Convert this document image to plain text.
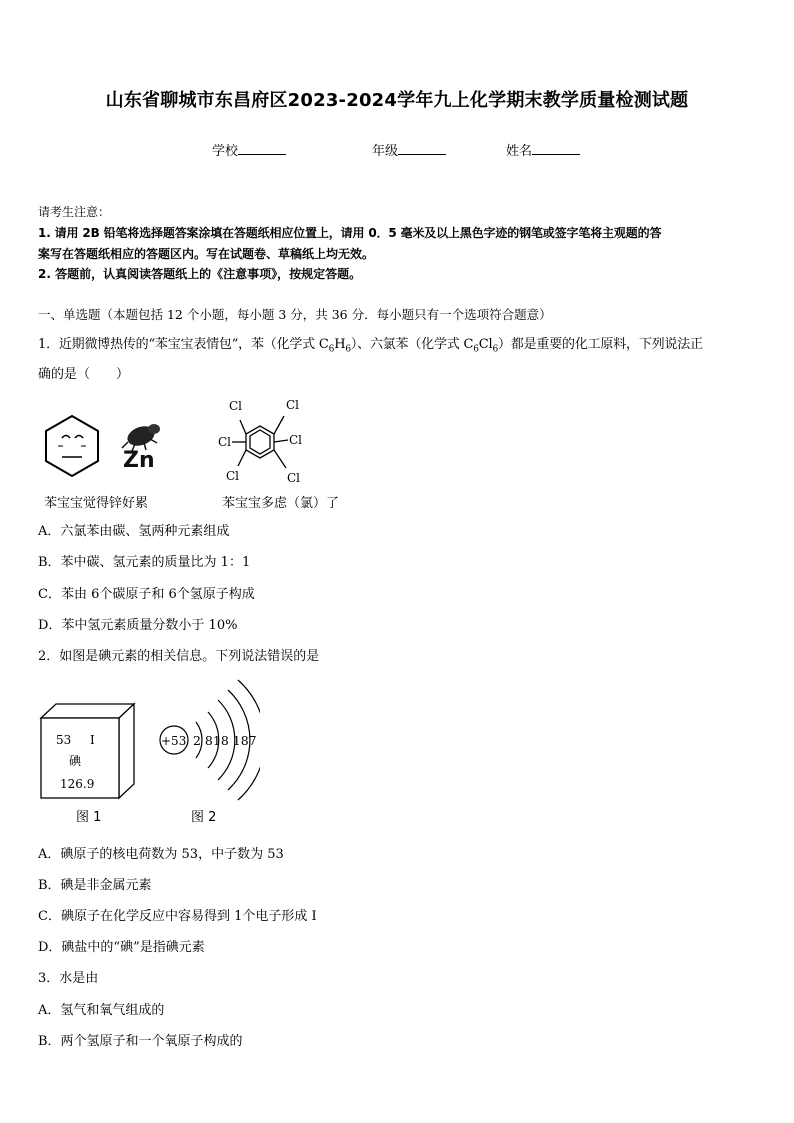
山东省聊城市东昌府区2023-2024学年九上化学期末教学质量检测试题
学校	年级	姓名
请考生注意：
1. 请用 2B 铅笔将选择题答案涂填在答题纸相应位置上，请用 0．5 毫米及以上黑色字迹的钢笔或签字笔将主观题的答
案写在答题纸相应的答题区内。写在试题卷、草稿纸上均无效。
2. 答题前，认真阅读答题纸上的《注意事项》，按规定答题。
一、单选题（本题包括 12 个小题，每小题 3 分，共 36 分．每小题只有一个选项符合题意）
1．近期微博热传的“苯宝宝表情包”，苯（化学式 $C_6H_6$）、六氯苯（化学式 $C_6Cl_6$）都是重要的化工原料，下列说法正
确的是（　　）
Zn
Cl	Cl
Cl	Cl
Cl	Cl
苯宝宝觉得锌好累	苯宝宝多虑（氯）了
A．六氯苯由碳、氢两种元素组成
B．苯中碳、氢元素的质量比为 1：1
C．苯由 6个碳原子和 6个氢原子构成
D．苯中氢元素质量分数小于 10%
2．如图是碘元素的相关信息。下列说法错误的是
53 I
碘
126.9
+53 2 818 187
图 1	图 2
A．碘原子的核电荷数为 53，中子数为 53
B．碘是非金属元素
C．碘原子在化学反应中容易得到 1个电子形成 I
D．碘盐中的“碘”是指碘元素
3．水是由
A．氢气和氧气组成的
B．两个氢原子和一个氧原子构成的
